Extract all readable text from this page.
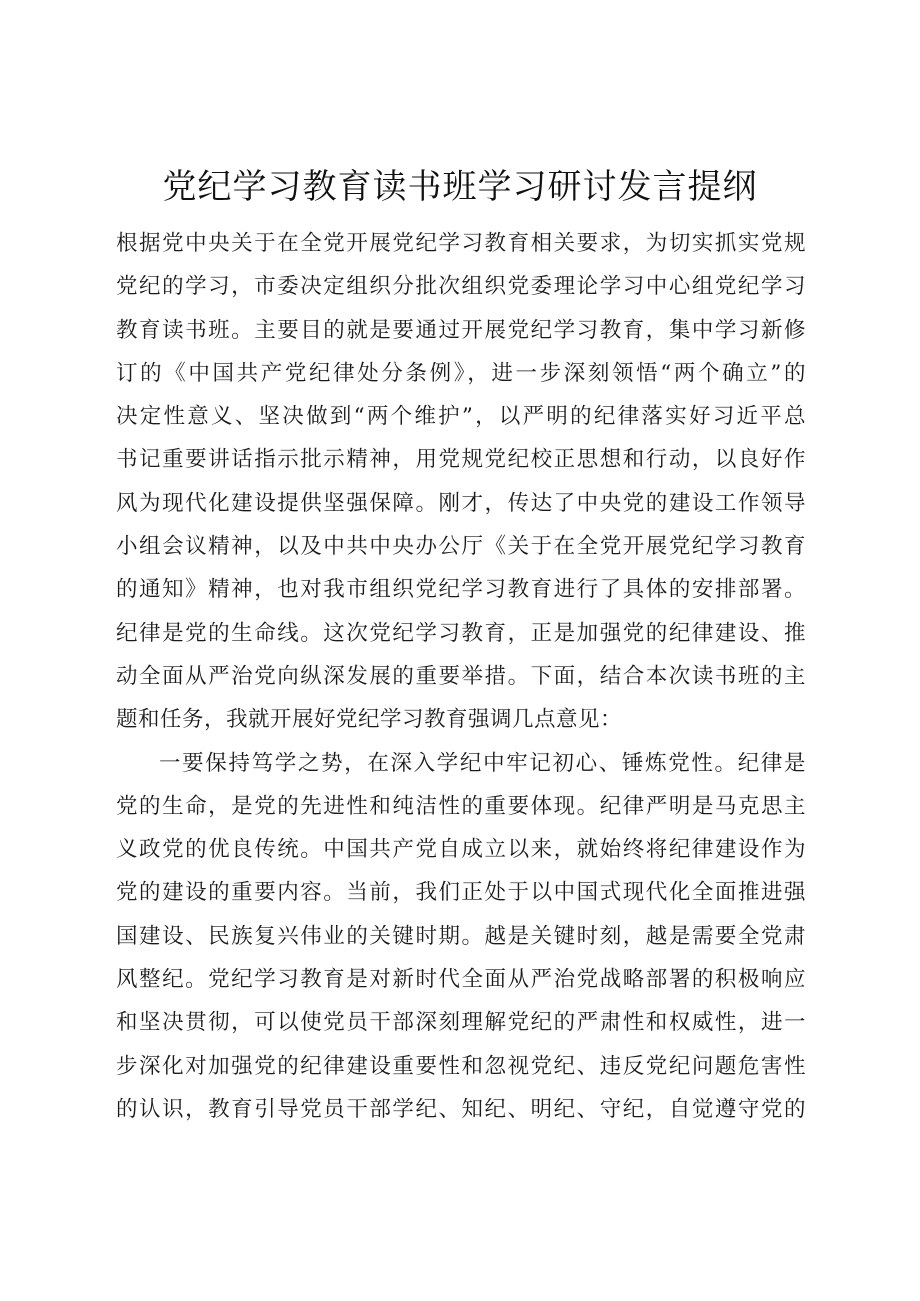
党纪学习教育读书班学习研讨发言提纲
根据党中央关于在全党开展党纪学习教育相关要求，为切实抓实党规
党纪的学习，市委决定组织分批次组织党委理论学习中心组党纪学习
教育读书班。主要目的就是要通过开展党纪学习教育，集中学习新修
订的《中国共产党纪律处分条例》，进一步深刻领悟“两个确立”的
决定性意义、坚决做到“两个维护”，以严明的纪律落实好习近平总
书记重要讲话指示批示精神，用党规党纪校正思想和行动，以良好作
风为现代化建设提供坚强保障。刚才，传达了中央党的建设工作领导
小组会议精神，以及中共中央办公厅《关于在全党开展党纪学习教育
的通知》精神，也对我市组织党纪学习教育进行了具体的安排部署。
纪律是党的生命线。这次党纪学习教育，正是加强党的纪律建设、推
动全面从严治党向纵深发展的重要举措。下面，结合本次读书班的主
题和任务，我就开展好党纪学习教育强调几点意见：
一要保持笃学之势，在深入学纪中牢记初心、锤炼党性。纪律是
党的生命，是党的先进性和纯洁性的重要体现。纪律严明是马克思主
义政党的优良传统。中国共产党自成立以来，就始终将纪律建设作为
党的建设的重要内容。当前，我们正处于以中国式现代化全面推进强
国建设、民族复兴伟业的关键时期。越是关键时刻，越是需要全党肃
风整纪。党纪学习教育是对新时代全面从严治党战略部署的积极响应
和坚决贯彻，可以使党员干部深刻理解党纪的严肃性和权威性，进一
步深化对加强党的纪律建设重要性和忽视党纪、违反党纪问题危害性
的认识，教育引导党员干部学纪、知纪、明纪、守纪，自觉遵守党的
